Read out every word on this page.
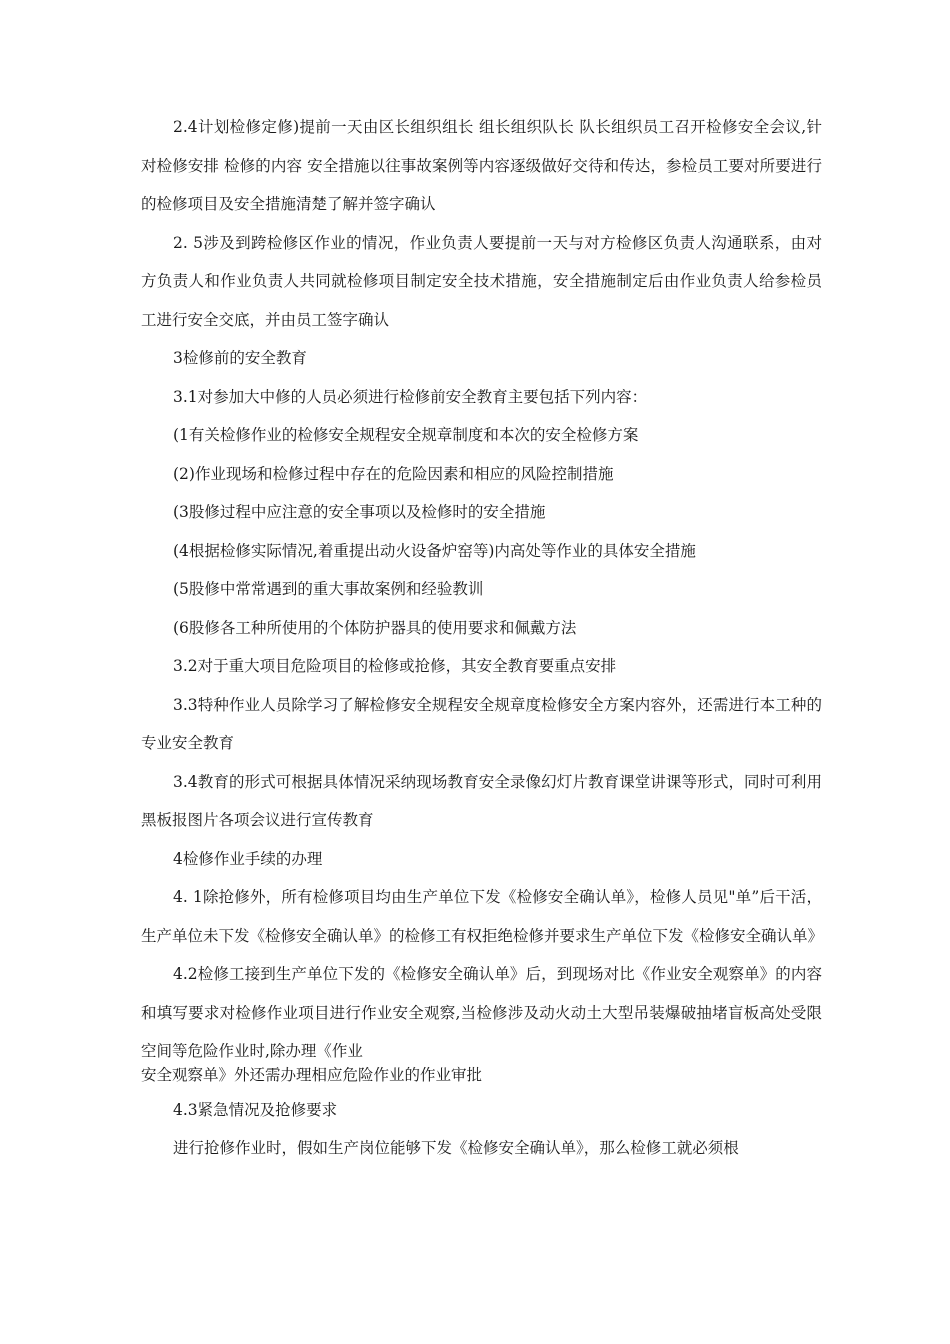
2.4计划检修定修)提前一天由区长组织组长 组长组织队长 队长组织员工召开检修安全会议,针对检修安排 检修的内容 安全措施以往事故案例等内容逐级做好交待和传达，参检员工要对所要进行的检修项目及安全措施清楚了解并签字确认

2. 5涉及到跨检修区作业的情况，作业负责人要提前一天与对方检修区负责人沟通联系，由对方负责人和作业负责人共同就检修项目制定安全技术措施，安全措施制定后由作业负责人给参检员工进行安全交底，并由员工签字确认

3检修前的安全教育

3.1对参加大中修的人员必须进行检修前安全教育主要包括下列内容：

(1有关检修作业的检修安全规程安全规章制度和本次的安全检修方案

(2)作业现场和检修过程中存在的危险因素和相应的风险控制措施

(3股修过程中应注意的安全事项以及检修时的安全措施

(4根据检修实际情况,着重提出动火设备炉窑等)内高处等作业的具体安全措施

(5股修中常常遇到的重大事故案例和经验教训

(6股修各工种所使用的个体防护器具的使用要求和佩戴方法

3.2对于重大项目危险项目的检修或抢修，其安全教育要重点安排

3.3特种作业人员除学习了解检修安全规程安全规章度检修安全方案内容外，还需进行本工种的专业安全教育

3.4教育的形式可根据具体情况采纳现场教育安全录像幻灯片教育课堂讲课等形式，同时可利用黑板报图片各项会议进行宣传教育

4检修作业手续的办理

4. 1除抢修外，所有检修项目均由生产单位下发《检修安全确认单》，检修人员见"单”后干活，生产单位未下发《检修安全确认单》的检修工有权拒绝检修并要求生产单位下发《检修安全确认单》

4.2检修工接到生产单位下发的《检修安全确认单》后，到现场对比《作业安全观察单》的内容和填写要求对检修作业项目进行作业安全观察,当检修涉及动火动土大型吊装爆破抽堵盲板高处受限空间等危险作业时,除办理《作业

安全观察单》外还需办理相应危险作业的作业审批

4.3紧急情况及抢修要求

进行抢修作业时，假如生产岗位能够下发《检修安全确认单》，那么检修工就必须根
